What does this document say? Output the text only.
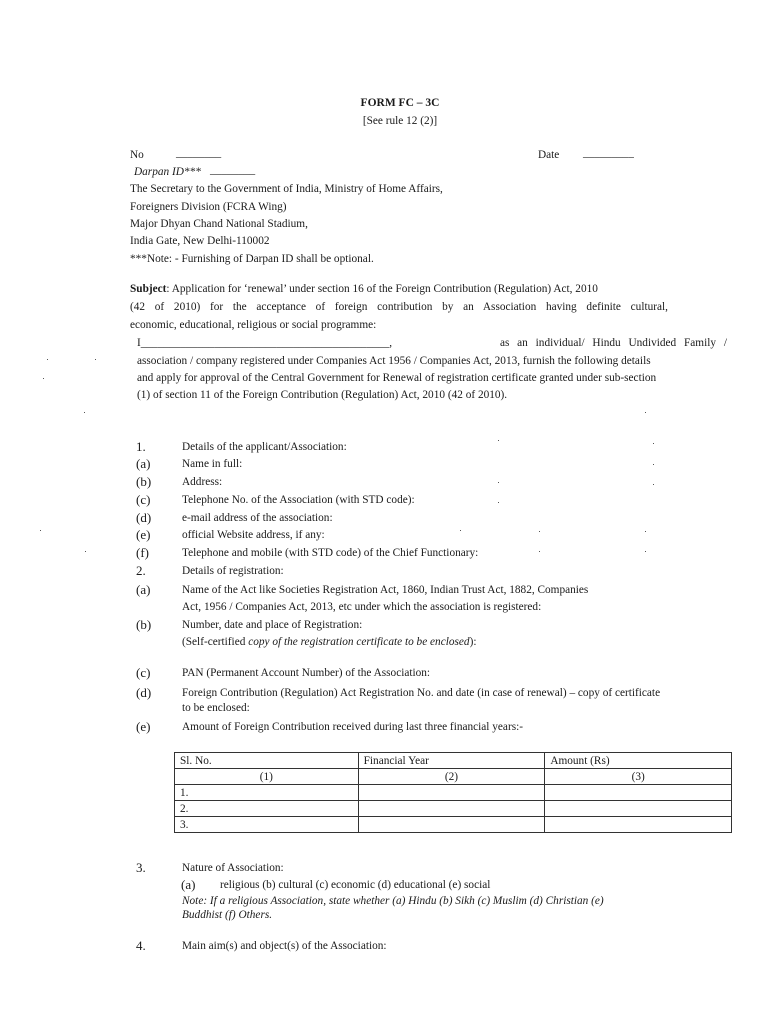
FORM FC – 3C
[See rule 12 (2)]
No	________	Date _________
Darpan ID*** ________
The Secretary to the Government of India, Ministry of Home Affairs,
Foreigners Division (FCRA Wing)
Major Dhyan Chand National Stadium,
India Gate, New Delhi-110002
***Note: - Furnishing of Darpan ID shall be optional.
Subject: Application for ‘renewal’ under section 16 of the Foreign Contribution (Regulation) Act, 2010
(42 of 2010) for the acceptance of foreign contribution by an Association having definite cultural,
economic, educational, religious or social programme:
I____________________________________________,	as an individual/ Hindu Undivided Family /
association / company registered under Companies Act 1956 / Companies Act, 2013, furnish the following details
and apply for approval of the Central Government for Renewal of registration certificate granted under sub-section
(1) of section 11 of the Foreign Contribution (Regulation) Act, 2010 (42 of 2010).
1.	Details of the applicant/Association:
(a)	Name in full:
(b)	Address:
(c)	Telephone No. of the Association (with STD code):
(d)	e-mail address of the association:
(e)	official Website address, if any:
(f)	Telephone and mobile (with STD code) of the Chief Functionary:
2.	Details of registration:
(a)	Name of the Act like Societies Registration Act, 1860, Indian Trust Act, 1882, Companies
Act, 1956 / Companies Act, 2013, etc under which the association is registered:
(b)	Number, date and place of Registration:
(Self-certified copy of the registration certificate to be enclosed):
(c)	PAN (Permanent Account Number) of the Association:
(d)	Foreign Contribution (Regulation) Act Registration No. and date (in case of renewal) – copy of certificate
to be enclosed:
(e)	Amount of Foreign Contribution received during last three financial years:-
Sl. No.	Financial Year	Amount (Rs)
(1)	(2)	(3)
1.		
2.		
3.		
3.	Nature of Association:
(a) religious (b) cultural (c) economic (d) educational (e) social
Note: If a religious Association, state whether (a) Hindu (b) Sikh (c) Muslim (d) Christian (e)
Buddhist (f) Others.
4.	Main aim(s) and object(s) of the Association:
